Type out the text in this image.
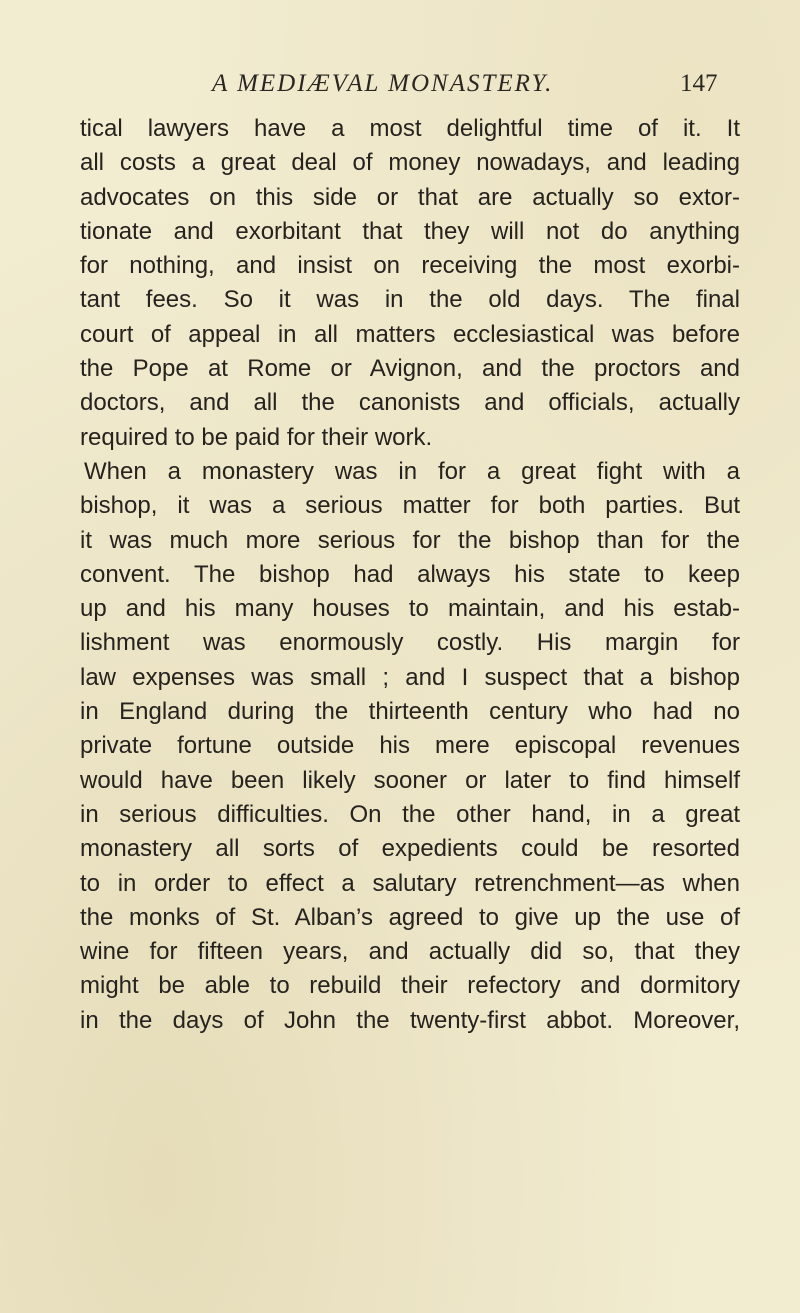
A MEDIÆVAL MONASTERY.	147
tical lawyers have a most delightful time of it. It
all costs a great deal of money nowadays, and leading
advocates on this side or that are actually so extor-
tionate and exorbitant that they will not do anything
for nothing, and insist on receiving the most exorbi-
tant fees. So it was in the old days. The final
court of appeal in all matters ecclesiastical was before
the Pope at Rome or Avignon, and the proctors and
doctors, and all the canonists and officials, actually
required to be paid for their work.
When a monastery was in for a great fight with a
bishop, it was a serious matter for both parties. But
it was much more serious for the bishop than for the
convent. The bishop had always his state to keep
up and his many houses to maintain, and his estab-
lishment was enormously costly. His margin for
law expenses was small ; and I suspect that a bishop
in England during the thirteenth century who had no
private fortune outside his mere episcopal revenues
would have been likely sooner or later to find himself
in serious difficulties. On the other hand, in a great
monastery all sorts of expedients could be resorted
to in order to effect a salutary retrenchment—as when
the monks of St. Alban’s agreed to give up the use of
wine for fifteen years, and actually did so, that they
might be able to rebuild their refectory and dormitory
in the days of John the twenty-first abbot. Moreover,
